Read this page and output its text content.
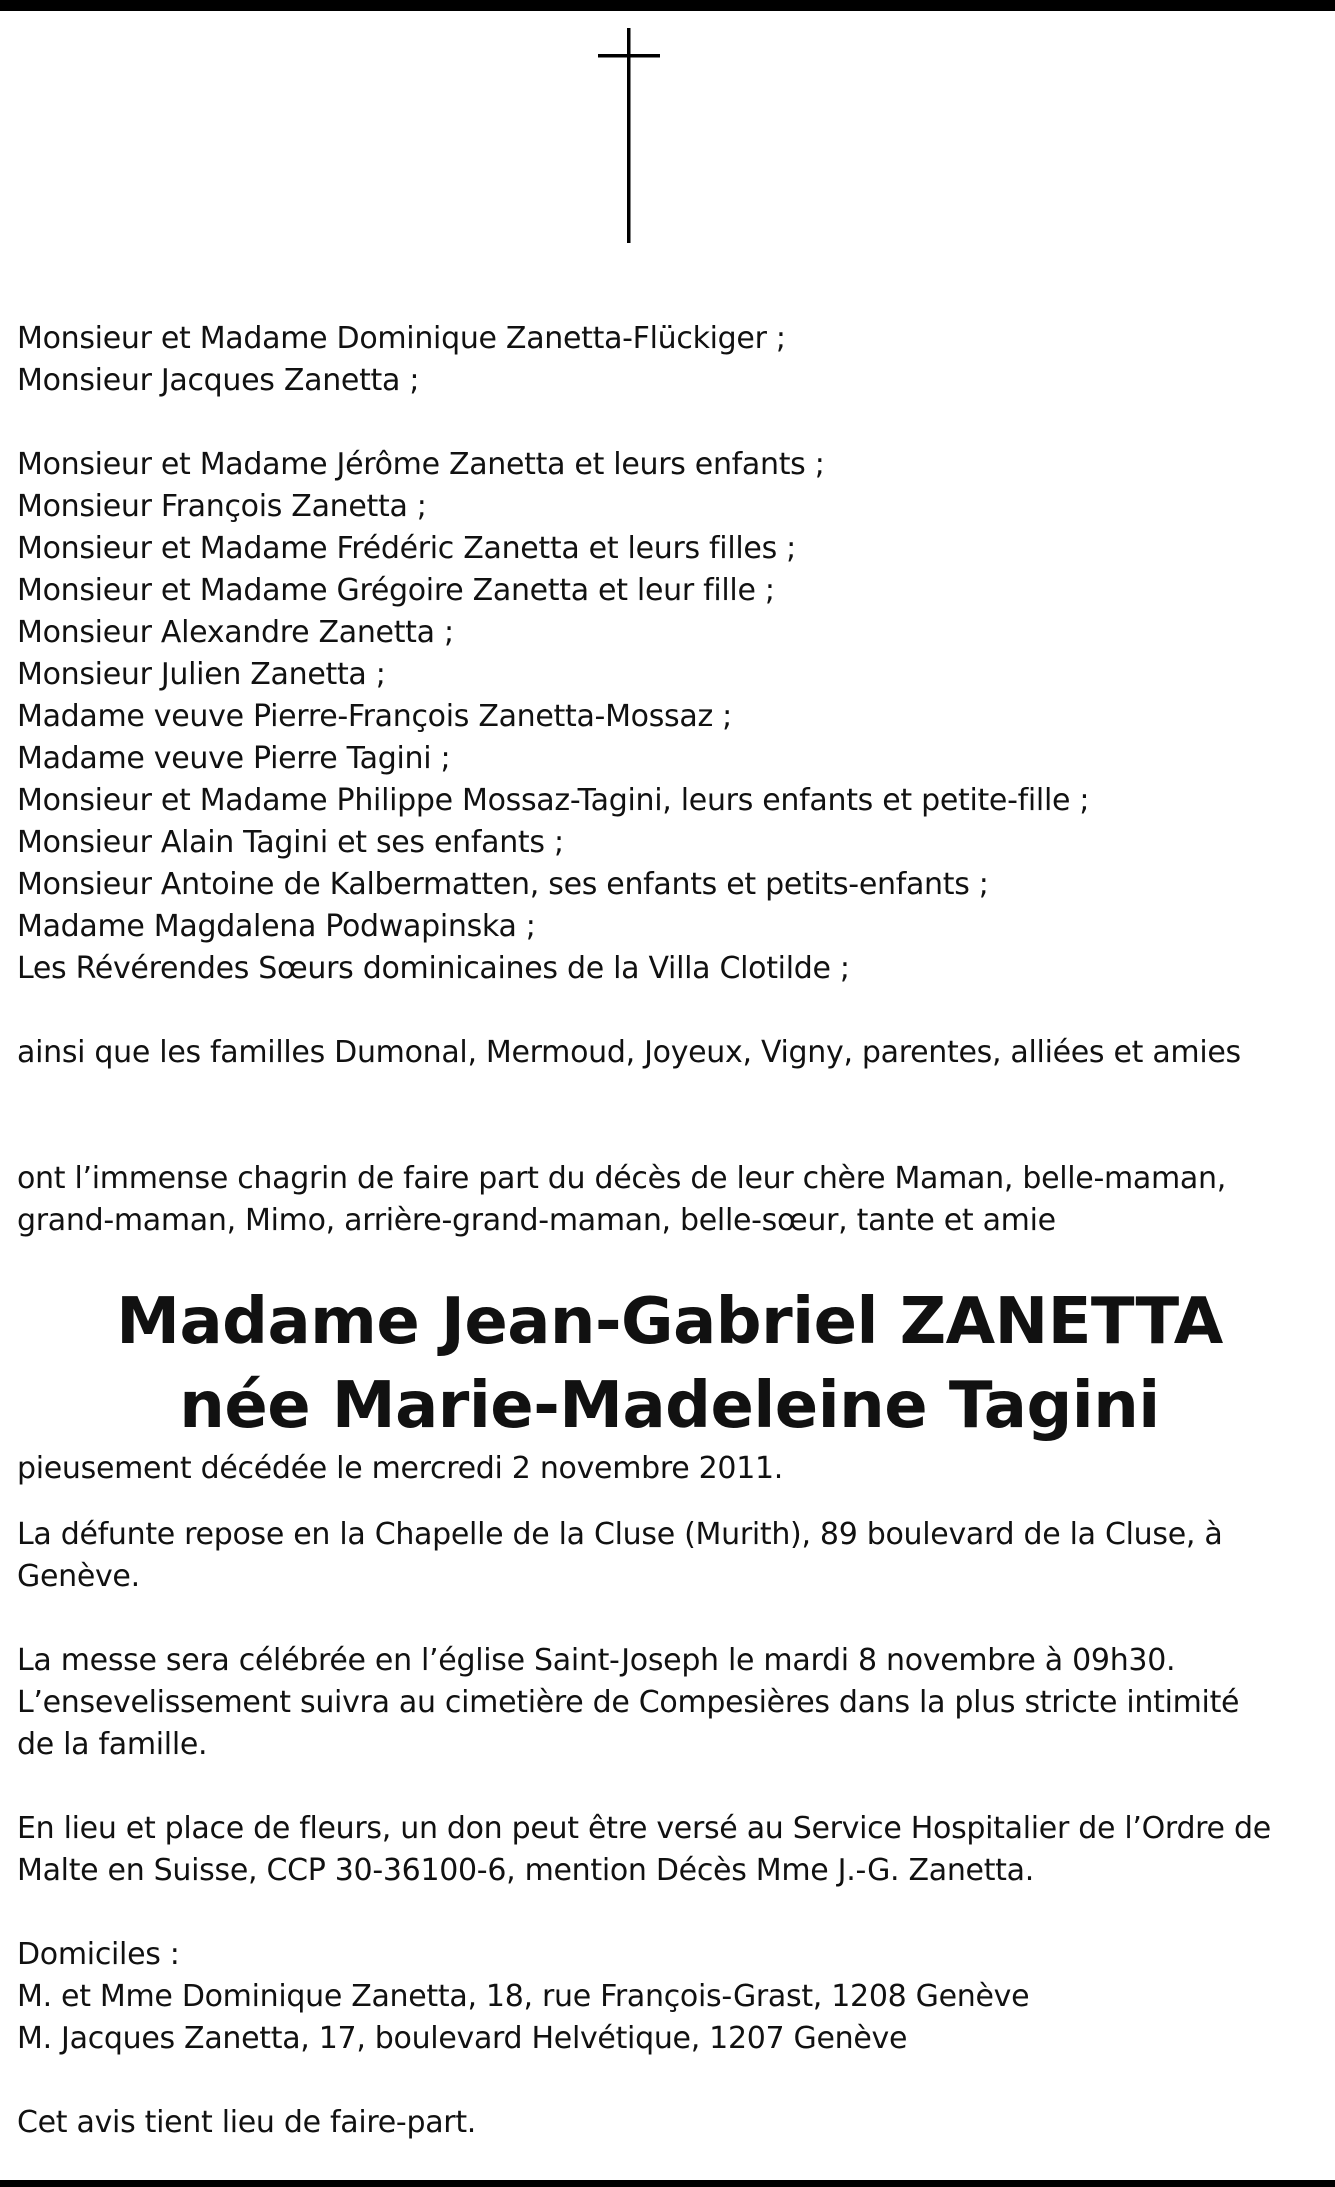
Monsieur et Madame Dominique Zanetta-Flückiger ;
Monsieur Jacques Zanetta ;
Monsieur et Madame Jérôme Zanetta et leurs enfants ;
Monsieur François Zanetta ;
Monsieur et Madame Frédéric Zanetta et leurs filles ;
Monsieur et Madame Grégoire Zanetta et leur fille ;
Monsieur Alexandre Zanetta ;
Monsieur Julien Zanetta ;
Madame veuve Pierre-François Zanetta-Mossaz ;
Madame veuve Pierre Tagini ;
Monsieur et Madame Philippe Mossaz-Tagini, leurs enfants et petite-fille ;
Monsieur Alain Tagini et ses enfants ;
Monsieur Antoine de Kalbermatten, ses enfants et petits-enfants ;
Madame Magdalena Podwapinska ;
Les Révérendes Sœurs dominicaines de la Villa Clotilde ;
ainsi que les familles Dumonal, Mermoud, Joyeux, Vigny, parentes, alliées et amies
ont l’immense chagrin de faire part du décès de leur chère Maman, belle-maman,
grand-maman, Mimo, arrière-grand-maman, belle-sœur, tante et amie
Madame Jean-Gabriel ZANETTA
née Marie-Madeleine Tagini
pieusement décédée le mercredi 2 novembre 2011.
La défunte repose en la Chapelle de la Cluse (Murith), 89 boulevard de la Cluse, à
Genève.
La messe sera célébrée en l’église Saint-Joseph le mardi 8 novembre à 09h30.
L’ensevelissement suivra au cimetière de Compesières dans la plus stricte intimité
de la famille.
En lieu et place de fleurs, un don peut être versé au Service Hospitalier de l’Ordre de
Malte en Suisse, CCP 30-36100-6, mention Décès Mme J.-G. Zanetta.
Domiciles :
M. et Mme Dominique Zanetta, 18, rue François-Grast, 1208 Genève
M. Jacques Zanetta, 17, boulevard Helvétique, 1207 Genève
Cet avis tient lieu de faire-part.
